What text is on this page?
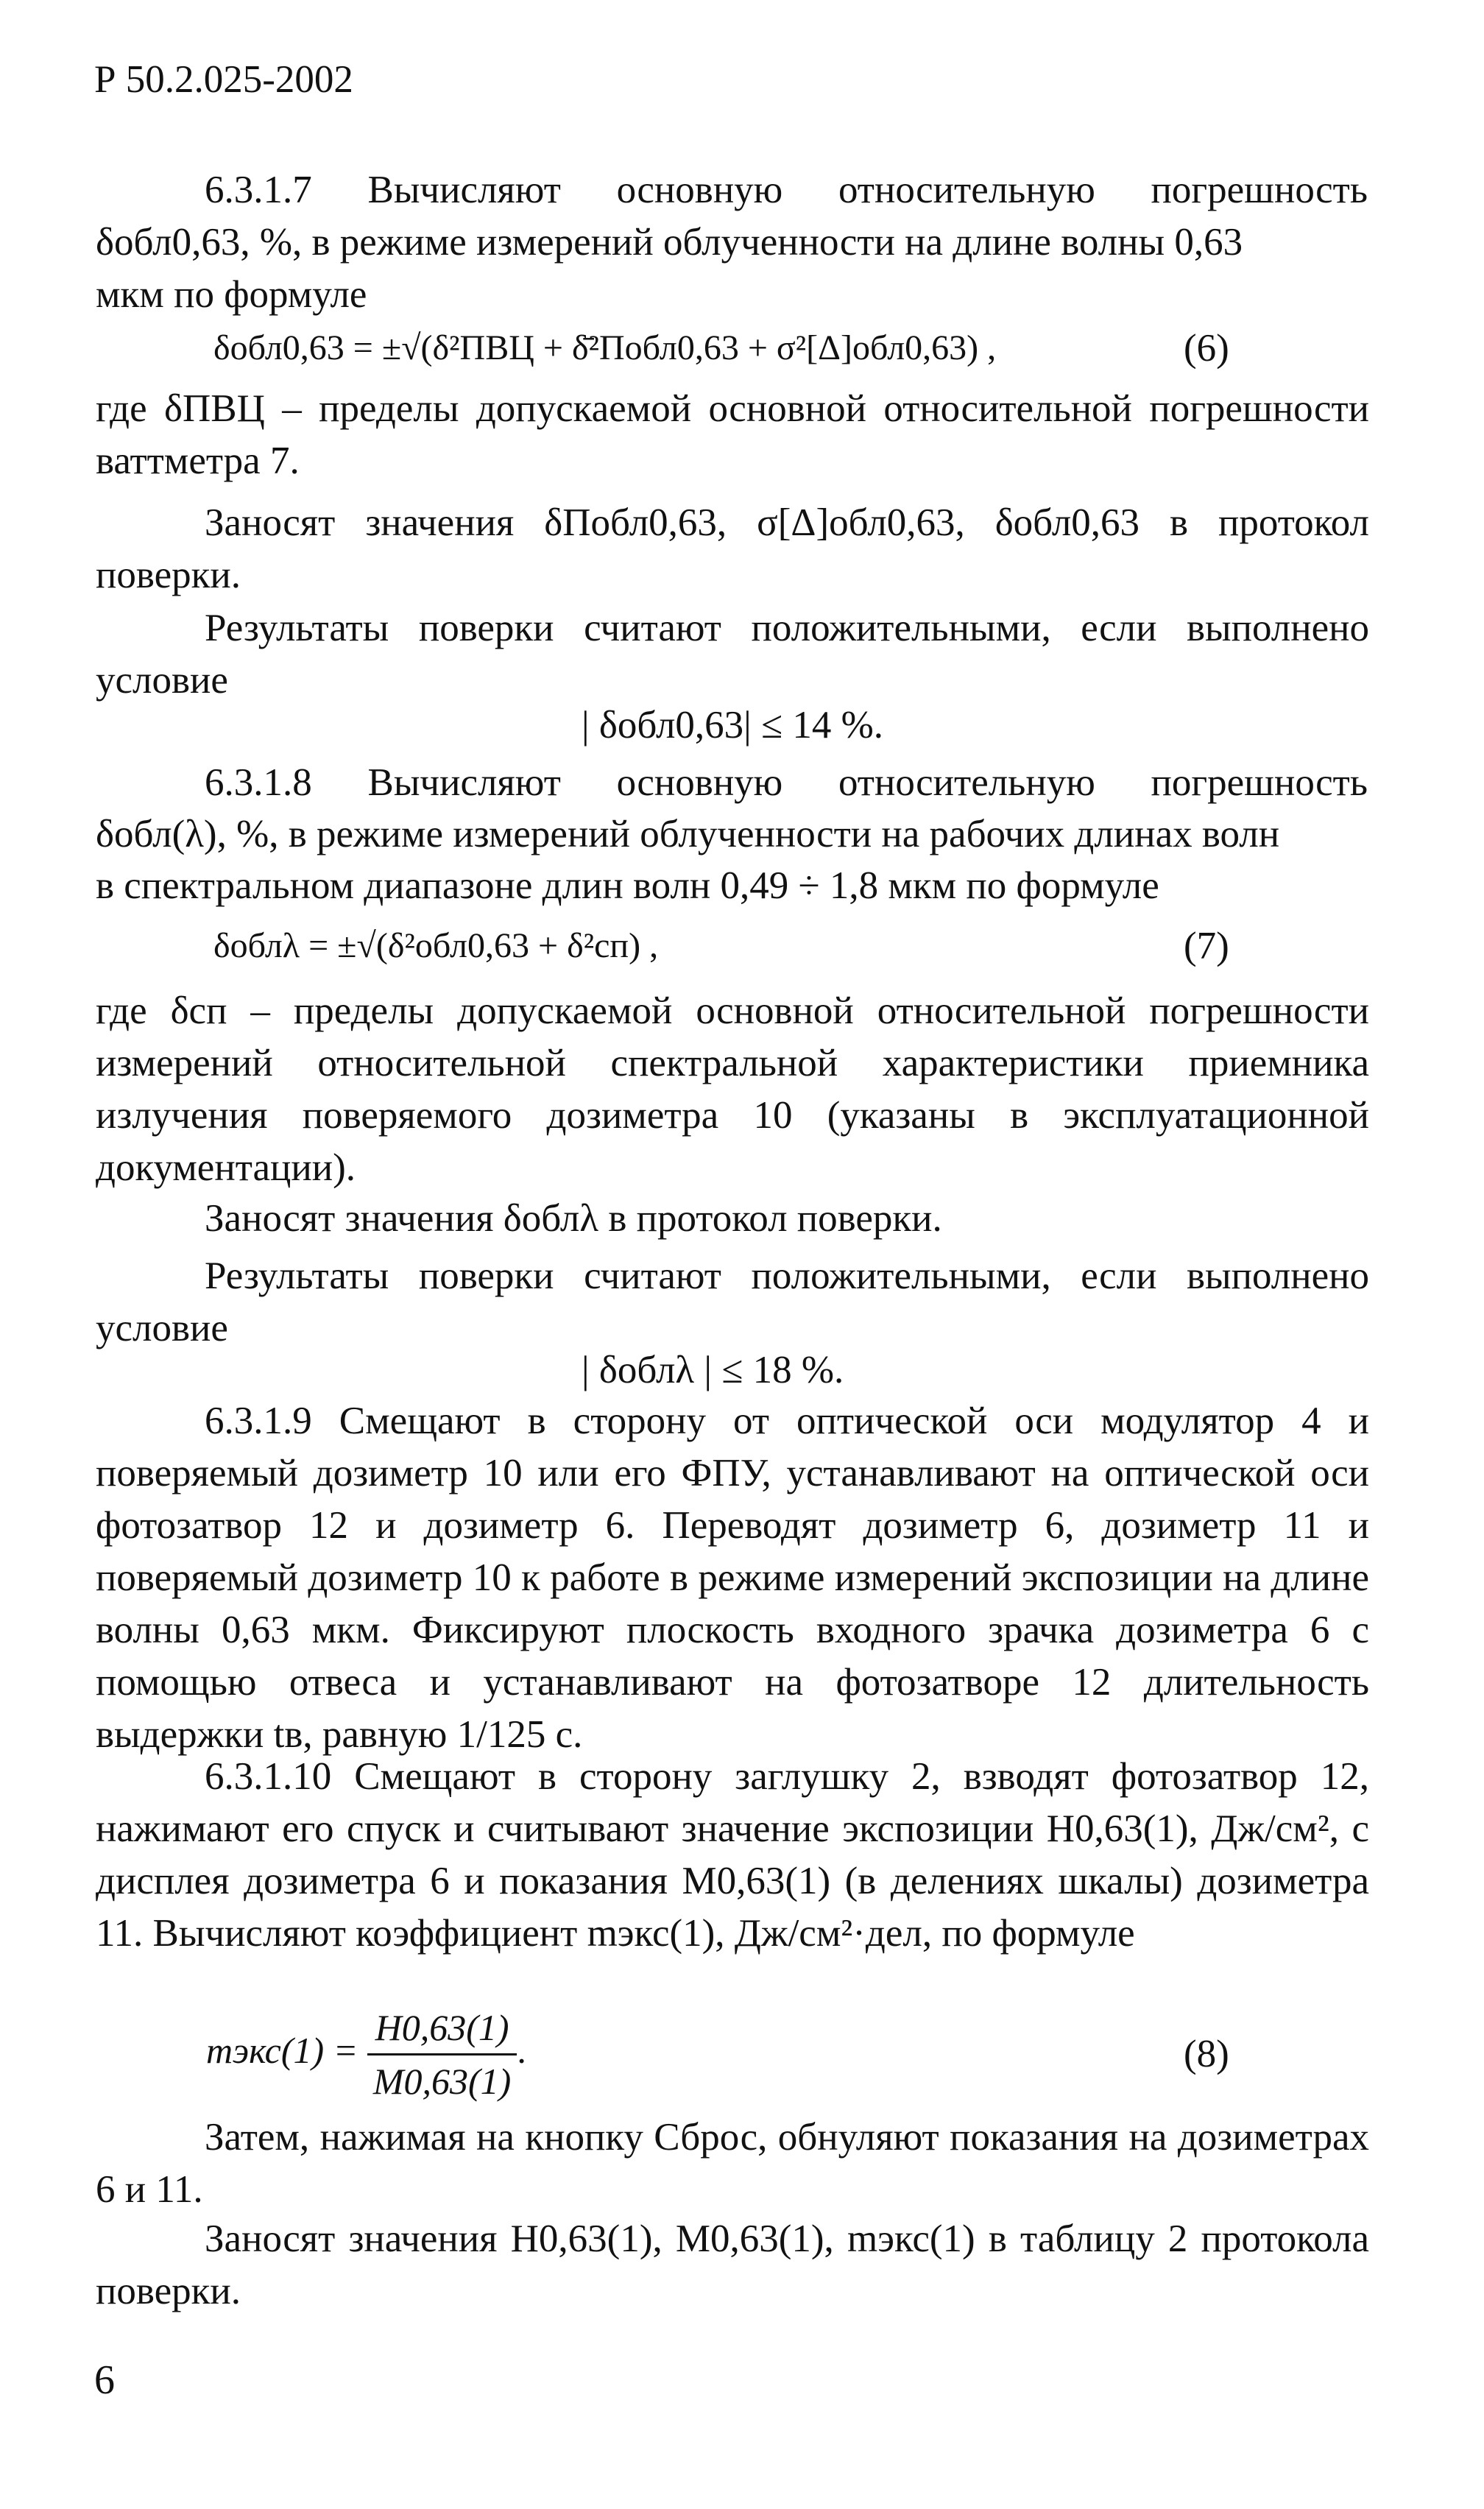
Р 50.2.025-2002
6.3.1.7 Вычисляют основную относительную погрешность
δобл0,63, %, в режиме измерений облученности на длине волны 0,63
мкм по формуле
δобл0,63 = ±√(δ²ПВЦ + δ̄²Побл0,63 + σ²[Δ]обл0,63) ,	(6)
где δПВЦ – пределы допускаемой основной относительной погрешности ваттметра 7.
Заносят значения δПобл0,63, σ[Δ]обл0,63, δобл0,63 в протокол поверки.
Результаты поверки считают положительными, если выполнено условие
| δобл0,63| ≤ 14 %.
6.3.1.8 Вычисляют основную относительную погрешность
δобл(λ), %, в режиме измерений облученности на рабочих длинах волн
в спектральном диапазоне длин волн 0,49 ÷ 1,8 мкм по формуле
δоблλ = ±√(δ²обл0,63 + δ²сп) ,	(7)
где δсп – пределы допускаемой основной относительной погрешности измерений относительной спектральной характеристики приемника излучения поверяемого дозиметра 10 (указаны в эксплуатационной документации).
Заносят значения δоблλ в протокол поверки.
Результаты поверки считают положительными, если выполнено условие
| δоблλ | ≤ 18 %.
6.3.1.9 Смещают в сторону от оптической оси модулятор 4 и поверяемый дозиметр 10 или его ФПУ, устанавливают на оптической оси фотозатвор 12 и дозиметр 6. Переводят дозиметр 6, дозиметр 11 и поверяемый дозиметр 10 к работе в режиме измерений экспозиции на длине волны 0,63 мкм. Фиксируют плоскость входного зрачка дозиметра 6 с помощью отвеса и устанавливают на фотозатворе 12 длительность выдержки tв, равную 1/125 с.
6.3.1.10 Смещают в сторону заглушку 2, взводят фотозатвор 12, нажимают его спуск и считывают значение экспозиции H0,63(1), Дж/см², с дисплея дозиметра 6 и показания M0,63(1) (в делениях шкалы) дозиметра 11. Вычисляют коэффициент mэкс(1), Дж/см²·дел, по формуле
mэкс(1) = $\frac{H0,63(1)}{M0,63(1)}$ .	(8)
Затем, нажимая на кнопку Сброс, обнуляют показания на дозиметрах 6 и 11.
Заносят значения H0,63(1), M0,63(1), mэкс(1) в таблицу 2 протокола поверки.
6
